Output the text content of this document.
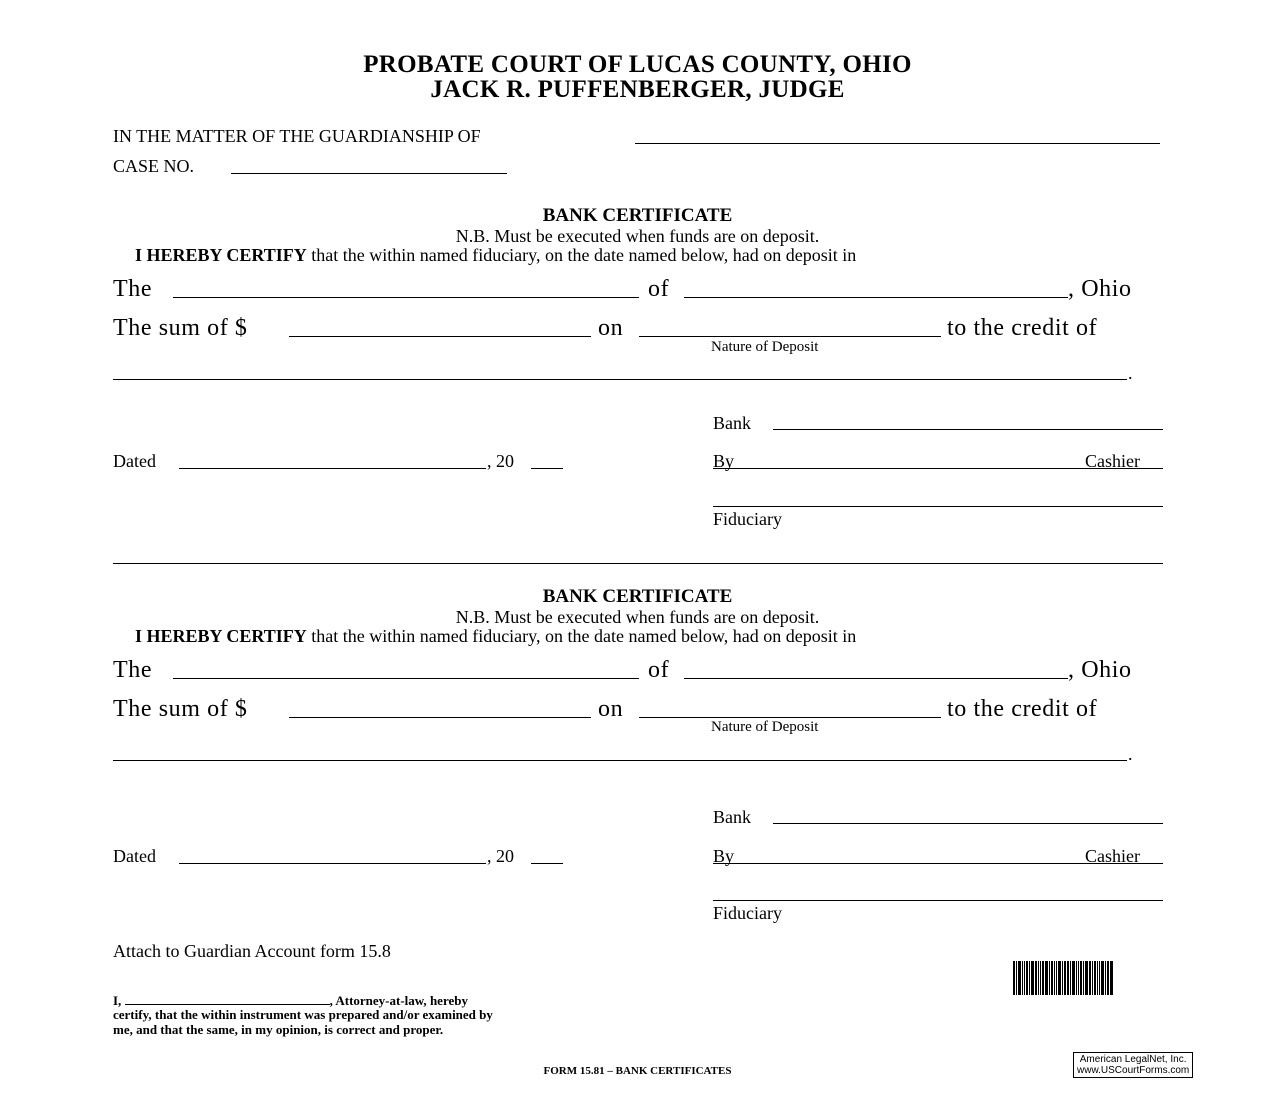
PROBATE COURT OF LUCAS COUNTY, OHIO
JACK R. PUFFENBERGER, JUDGE
IN THE MATTER OF THE GUARDIANSHIP OF
CASE NO.
BANK CERTIFICATE
N.B. Must be executed when funds are on deposit.
I HEREBY CERTIFY that the within named fiduciary, on the date named below, had on deposit in
The	of	, Ohio
The sum of $	on	to the credit of
Nature of Deposit
.
Bank
Dated	, 20	By	Cashier
Fiduciary
BANK CERTIFICATE
N.B. Must be executed when funds are on deposit.
I HEREBY CERTIFY that the within named fiduciary, on the date named below, had on deposit in
The	of	, Ohio
The sum of $	on	to the credit of
Nature of Deposit
.
Bank
Dated	, 20	By	Cashier
Fiduciary
Attach to Guardian Account form 15.8
I,	, Attorney-at-law, hereby certify, that the within instrument was prepared and/or examined by me, and that the same, in my opinion, is correct and proper.
FORM 15.81 – BANK CERTIFICATES
American LegalNet, Inc.
www.USCourtForms.com
